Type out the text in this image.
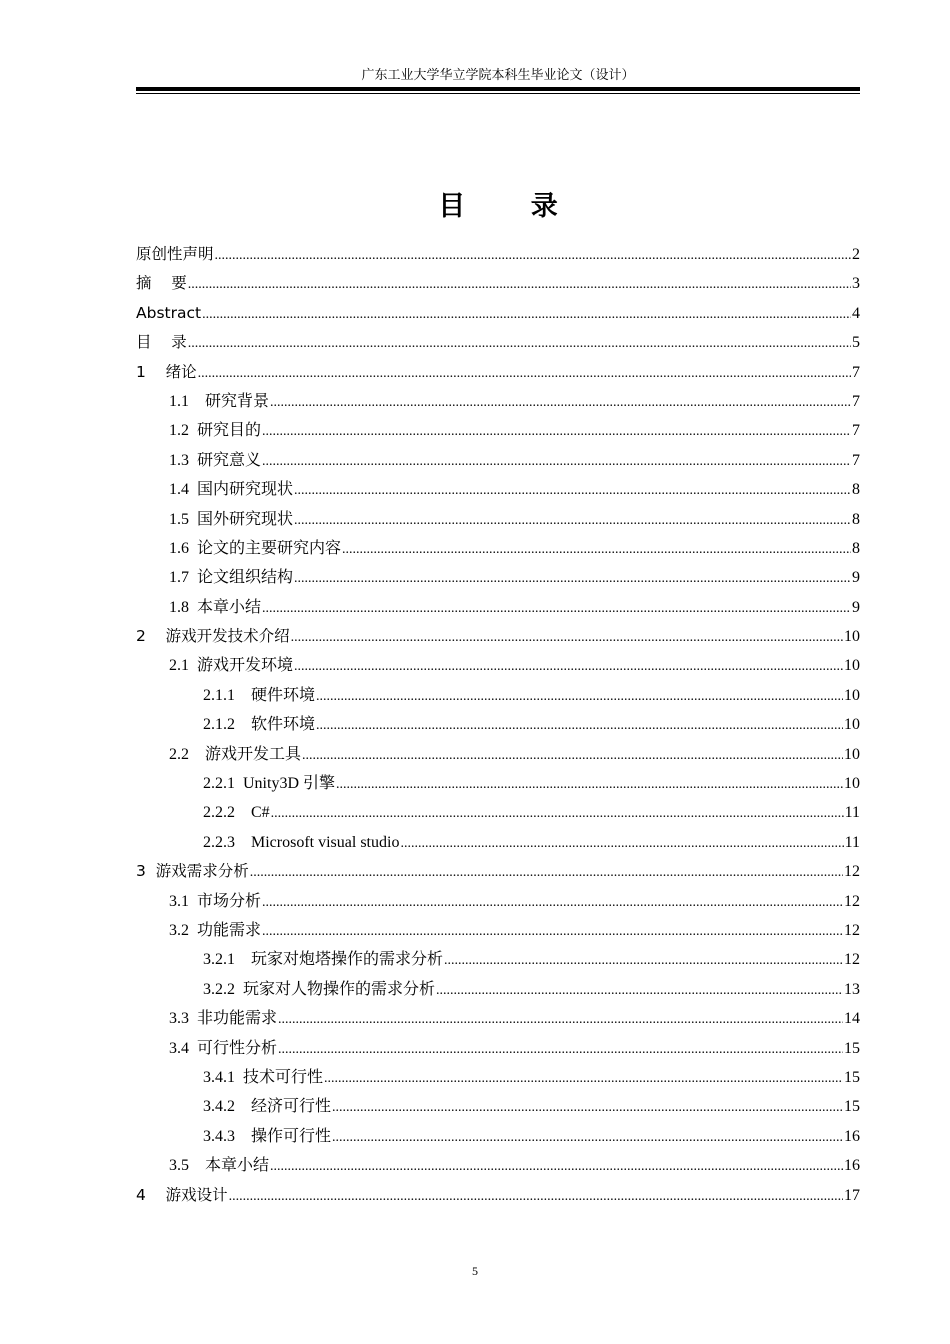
广东工业大学华立学院本科生毕业论文（设计）
目 录
原创性声明 .....	2
摘    要 .....	3
Abstract .....	4
目    录 .....	5
1    绪论 .....	7
1.1    研究背景 .....	7
1.2  研究目的 .....	7
1.3  研究意义 .....	7
1.4  国内研究现状 .....	8
1.5  国外研究现状 .....	8
1.6  论文的主要研究内容 .....	8
1.7  论文组织结构 .....	9
1.8  本章小结 .....	9
2    游戏开发技术介绍 .....	10
2.1  游戏开发环境 .....	10
2.1.1    硬件环境 .....	10
2.1.2    软件环境 .....	10
2.2    游戏开发工具 .....	10
2.2.1  Unity3D 引擎 .....	10
2.2.2    C# .....	11
2.2.3    Microsoft visual studio .....	11
3  游戏需求分析 .....	12
3.1  市场分析 .....	12
3.2  功能需求 .....	12
3.2.1    玩家对炮塔操作的需求分析 .....	12
3.2.2  玩家对人物操作的需求分析 .....	13
3.3  非功能需求 .....	14
3.4  可行性分析 .....	15
3.4.1  技术可行性 .....	15
3.4.2    经济可行性 .....	15
3.4.3    操作可行性 .....	16
3.5    本章小结 .....	16
4    游戏设计 .....	17
5
